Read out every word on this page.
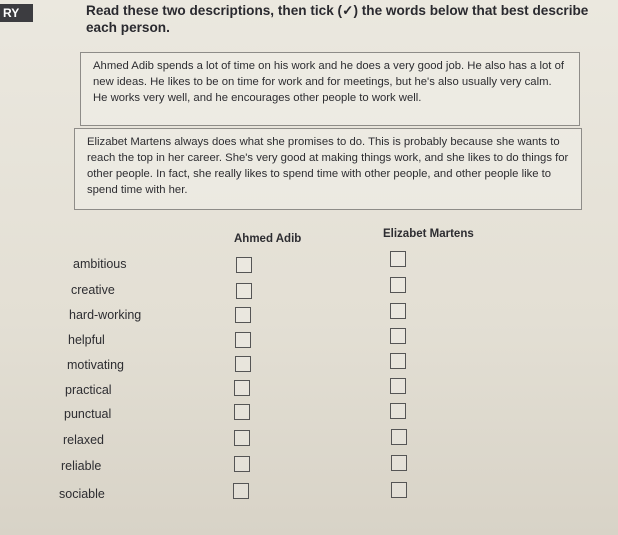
RY	Read these two descriptions, then tick (✓) the words below that best describe each person.
Ahmed Adib spends a lot of time on his work and he does a very good job. He also has a lot of new ideas. He likes to be on time for work and for meetings, but he's also usually very calm. He works very well, and he encourages other people to work well.
Elizabet Martens always does what she promises to do. This is probably because she wants to reach the top in her career. She's very good at making things work, and she likes to do things for other people. In fact, she really likes to spend time with other people, and other people like to spend time with her.
Ahmed Adib	Elizabet Martens
ambitious
creative
hard-working
helpful
motivating
practical
punctual
relaxed
reliable
sociable
